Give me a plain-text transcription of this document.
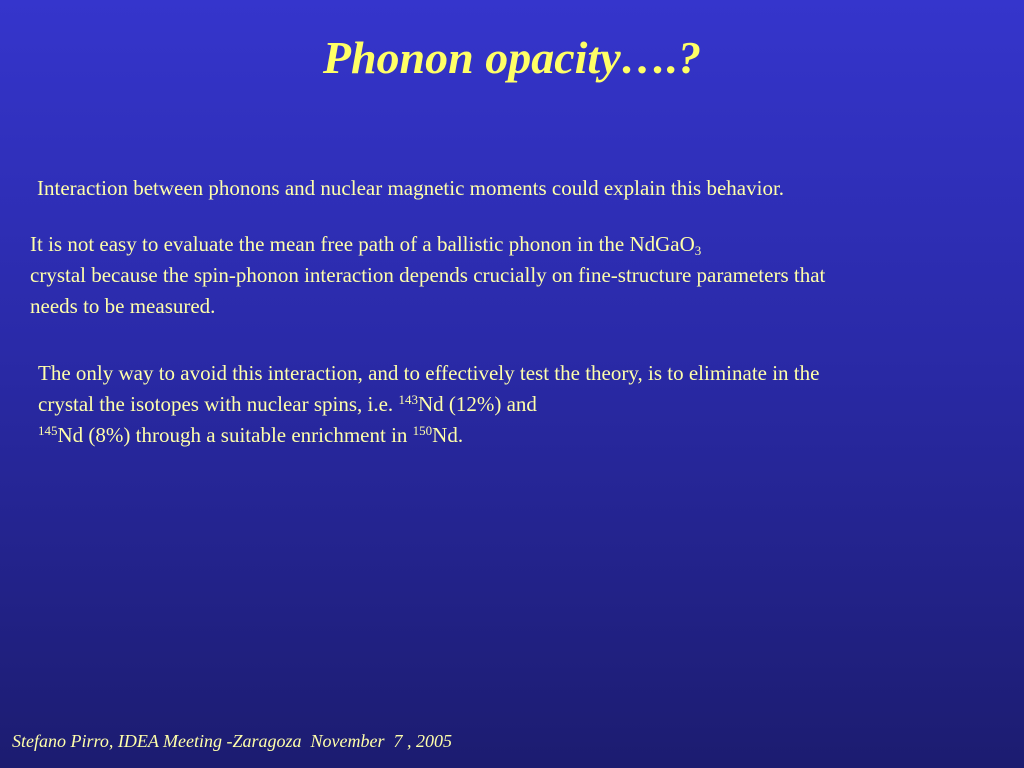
Phonon opacity….?

Interaction between phonons and nuclear magnetic moments could explain this behavior.

It is not easy to evaluate the mean free path of a ballistic phonon in the NdGaO$_3$
crystal because the spin-phonon interaction depends crucially on fine-structure parameters that needs to be measured.

The only way to avoid this interaction, and to effectively test the theory, is to eliminate in the crystal the isotopes with nuclear spins, i.e. $^{143}$Nd (12%) and
$^{145}$Nd (8%) through a suitable enrichment in $^{150}$Nd.

Stefano Pirro, IDEA Meeting -Zaragoza  November  7 , 2005
